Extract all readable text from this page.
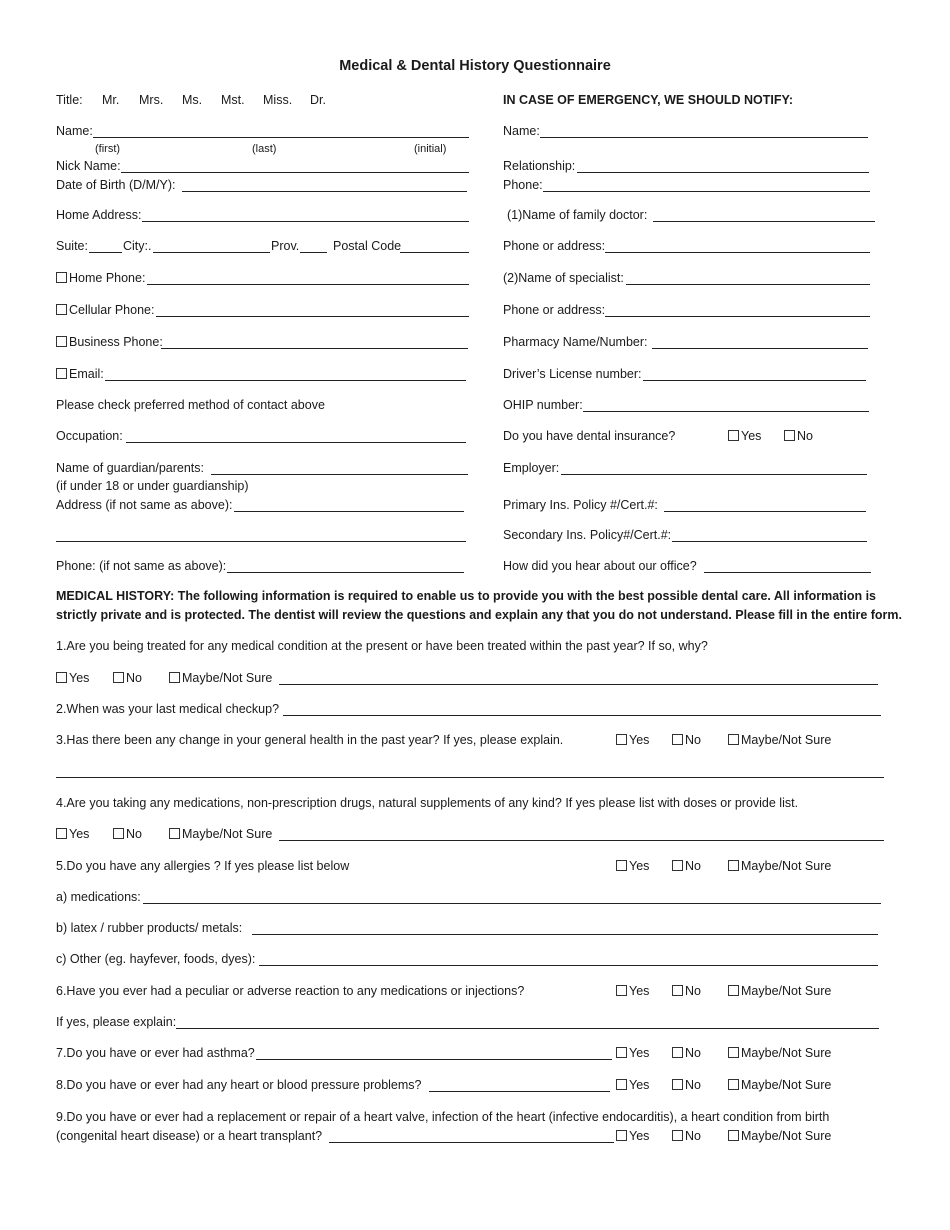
Medical & Dental History Questionnaire
Title: Mr. Mrs. Ms. Mst. Miss. Dr.
Name:
(first)	(last)	(initial)
Nick Name:
Date of Birth (D/M/Y):
Home Address:
Suite:	City:.	Prov.	Postal Code
Home Phone:
Cellular Phone:
Business Phone:
Email:
Please check preferred method of contact above
Occupation:
Name of guardian/parents:
(if under 18 or under guardianship)
Address (if not same as above):
Phone: (if not same as above):
IN CASE OF EMERGENCY, WE SHOULD NOTIFY:
Name:
Relationship:
Phone:
(1)Name of family doctor:
Phone or address:
(2)Name of specialist:
Phone or address:
Pharmacy Name/Number:
Driver’s License number:
OHIP number:
Do you have dental insurance?	Yes	No
Employer:
Primary Ins. Policy #/Cert.#:
Secondary Ins. Policy#/Cert.#:
How did you hear about our office?
MEDICAL HISTORY: The following information is required to enable us to provide you with the best possible dental care. All information is
strictly private and is protected. The dentist will review the questions and explain any that you do not understand. Please fill in the entire form.
1.Are you being treated for any medical condition at the present or have been treated within the past year? If so, why?
Yes	No	Maybe/Not Sure
2.When was your last medical checkup?
3.Has there been any change in your general health in the past year? If yes, please explain.	Yes	No	Maybe/Not Sure
4.Are you taking any medications, non-prescription drugs, natural supplements of any kind? If yes please list with doses or provide list.
Yes	No	Maybe/Not Sure
5.Do you have any allergies ? If yes please list below	Yes	No	Maybe/Not Sure
a) medications:
b) latex / rubber products/ metals:
c) Other (eg. hayfever, foods, dyes):
6.Have you ever had a peculiar or adverse reaction to any medications or injections?	Yes	No	Maybe/Not Sure
If yes, please explain:
7.Do you have or ever had asthma?	Yes	No	Maybe/Not Sure
8.Do you have or ever had any heart or blood pressure problems?	Yes	No	Maybe/Not Sure
9.Do you have or ever had a replacement or repair of a heart valve, infection of the heart (infective endocarditis), a heart condition from birth
(congenital heart disease) or a heart transplant?	Yes	No	Maybe/Not Sure
